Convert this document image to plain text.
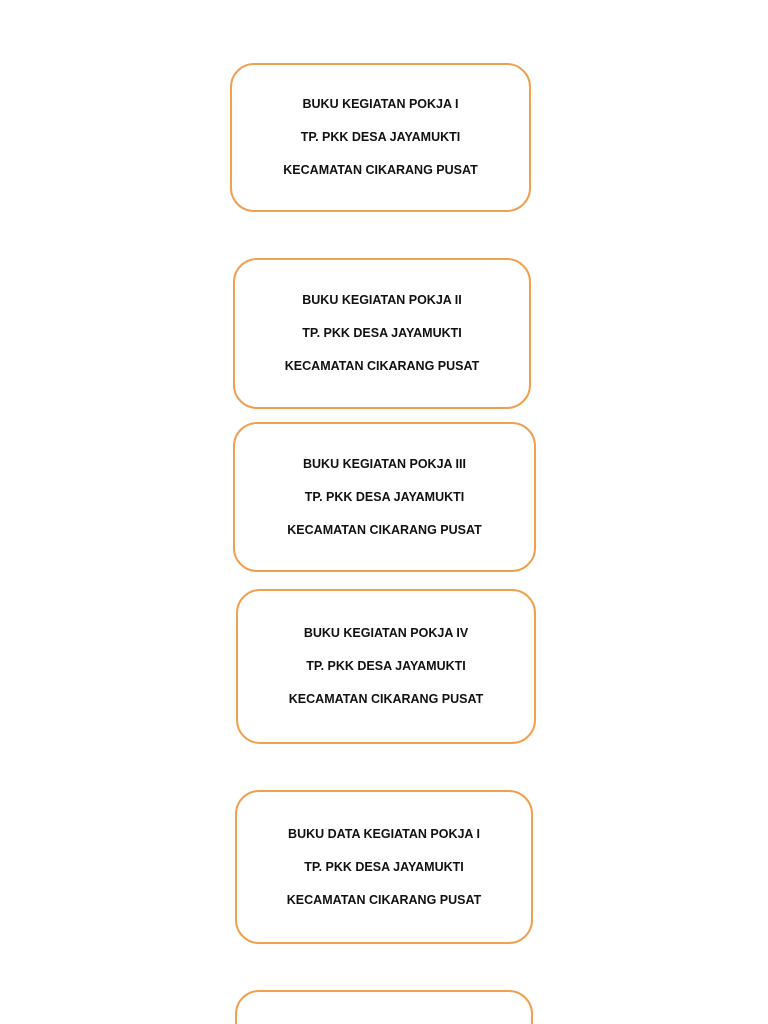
BUKU KEGIATAN POKJA I
TP. PKK DESA JAYAMUKTI
KECAMATAN CIKARANG PUSAT
BUKU KEGIATAN POKJA II
TP. PKK DESA JAYAMUKTI
KECAMATAN CIKARANG PUSAT
BUKU KEGIATAN POKJA III
TP. PKK DESA JAYAMUKTI
KECAMATAN CIKARANG PUSAT
BUKU KEGIATAN POKJA IV
TP. PKK DESA JAYAMUKTI
KECAMATAN CIKARANG PUSAT
BUKU DATA KEGIATAN POKJA I
TP. PKK DESA JAYAMUKTI
KECAMATAN CIKARANG PUSAT
